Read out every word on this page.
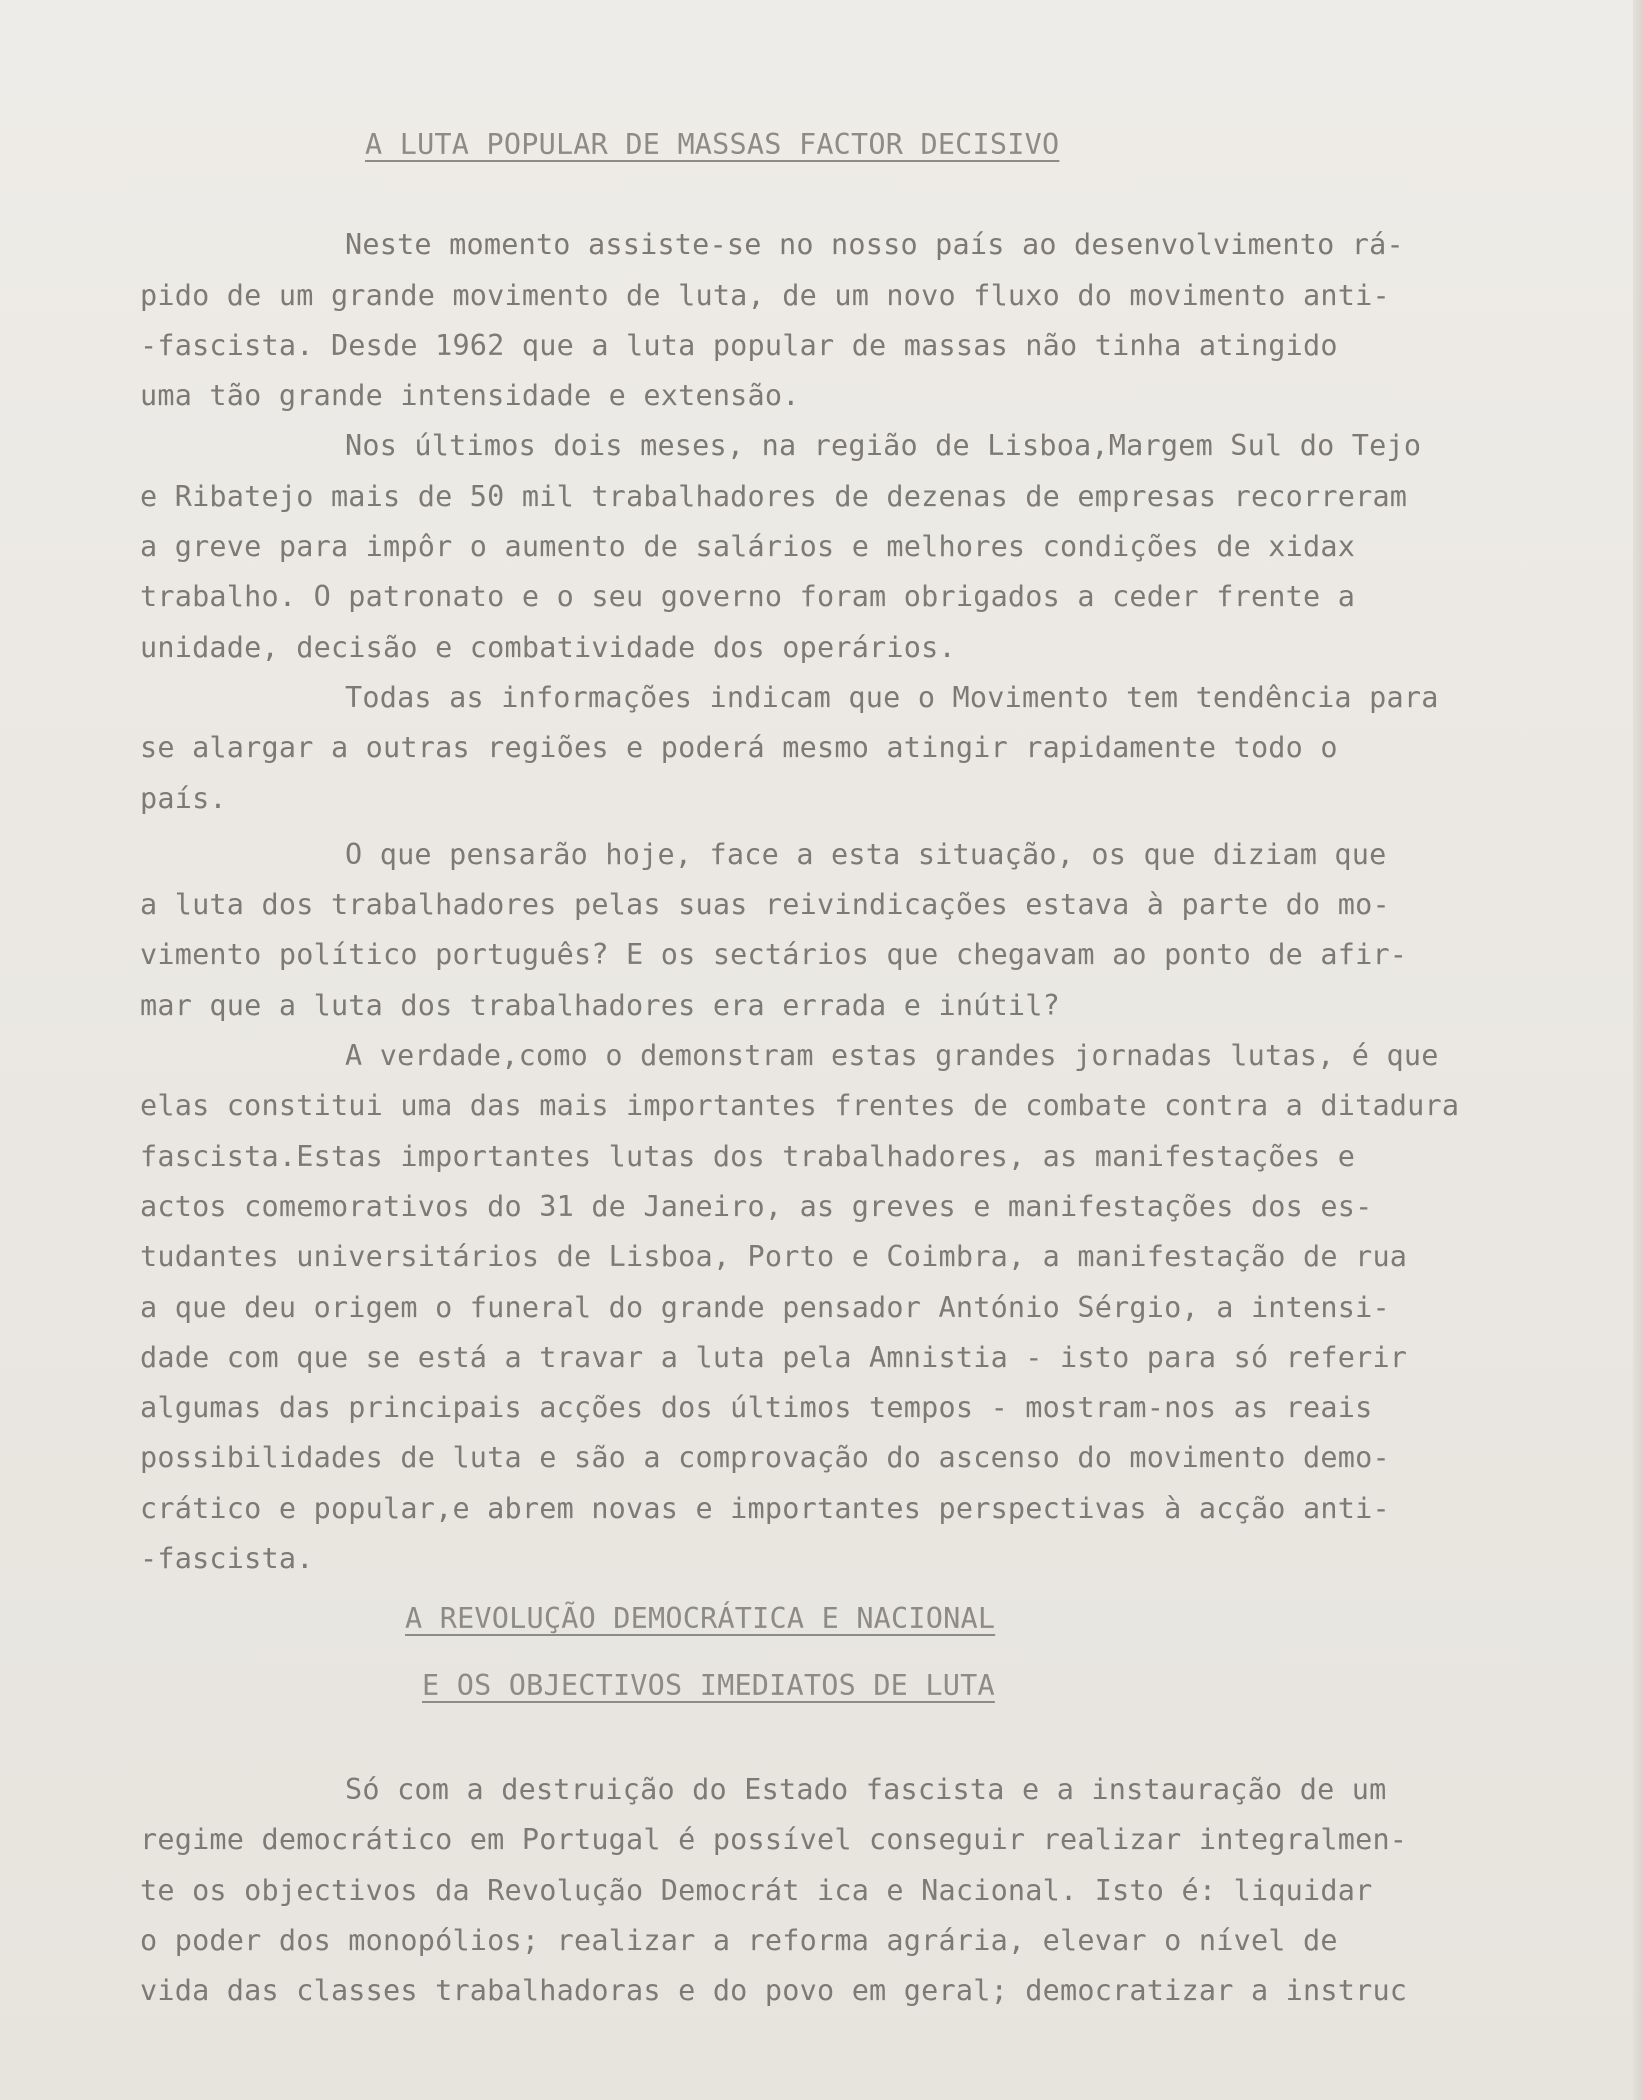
A LUTA POPULAR DE MASSAS FACTOR DECISIVO
Neste momento assiste-se no nosso país ao desenvolvimento rá-
pido de um grande movimento de luta, de um novo fluxo do movimento anti-
-fascista. Desde 1962 que a luta popular de massas não tinha atingido
uma tão grande intensidade e extensão.
Nos últimos dois meses, na região de Lisboa,Margem Sul do Tejo
e Ribatejo mais de 50 mil trabalhadores de dezenas de empresas recorreram
a greve para impôr o aumento de salários e melhores condições de xidax
trabalho. O patronato e o seu governo foram obrigados a ceder frente a
unidade, decisão e combatividade dos operários.
Todas as informações indicam que o Movimento tem tendência para
se alargar a outras regiões e poderá mesmo atingir rapidamente todo o
país.
O que pensarão hoje, face a esta situação, os que diziam que
a luta dos trabalhadores pelas suas reivindicações estava à parte do mo-
vimento político português? E os sectários que chegavam ao ponto de afir-
mar que a luta dos trabalhadores era errada e inútil?
A verdade,como o demonstram estas grandes jornadas lutas, é que
elas constitui uma das mais importantes frentes de combate contra a ditadura
fascista.Estas importantes lutas dos trabalhadores, as manifestações e
actos comemorativos do 31 de Janeiro, as greves e manifestações dos es-
tudantes universitários de Lisboa, Porto e Coimbra, a manifestação de rua
a que deu origem o funeral do grande pensador António Sérgio, a intensi-
dade com que se está a travar a luta pela Amnistia - isto para só referir
algumas das principais acções dos últimos tempos - mostram-nos as reais
possibilidades de luta e são a comprovação do ascenso do movimento demo-
crático e popular,e abrem novas e importantes perspectivas à acção anti-
-fascista.
A REVOLUÇÃO DEMOCRÁTICA E NACIONAL
E OS OBJECTIVOS IMEDIATOS DE LUTA
Só com a destruição do Estado fascista e a instauração de um
regime democrático em Portugal é possível conseguir realizar integralmen-
te os objectivos da Revolução Democrát ica e Nacional. Isto é: liquidar
o poder dos monopólios; realizar a reforma agrária, elevar o nível de
vida das classes trabalhadoras e do povo em geral; democratizar a instruc
